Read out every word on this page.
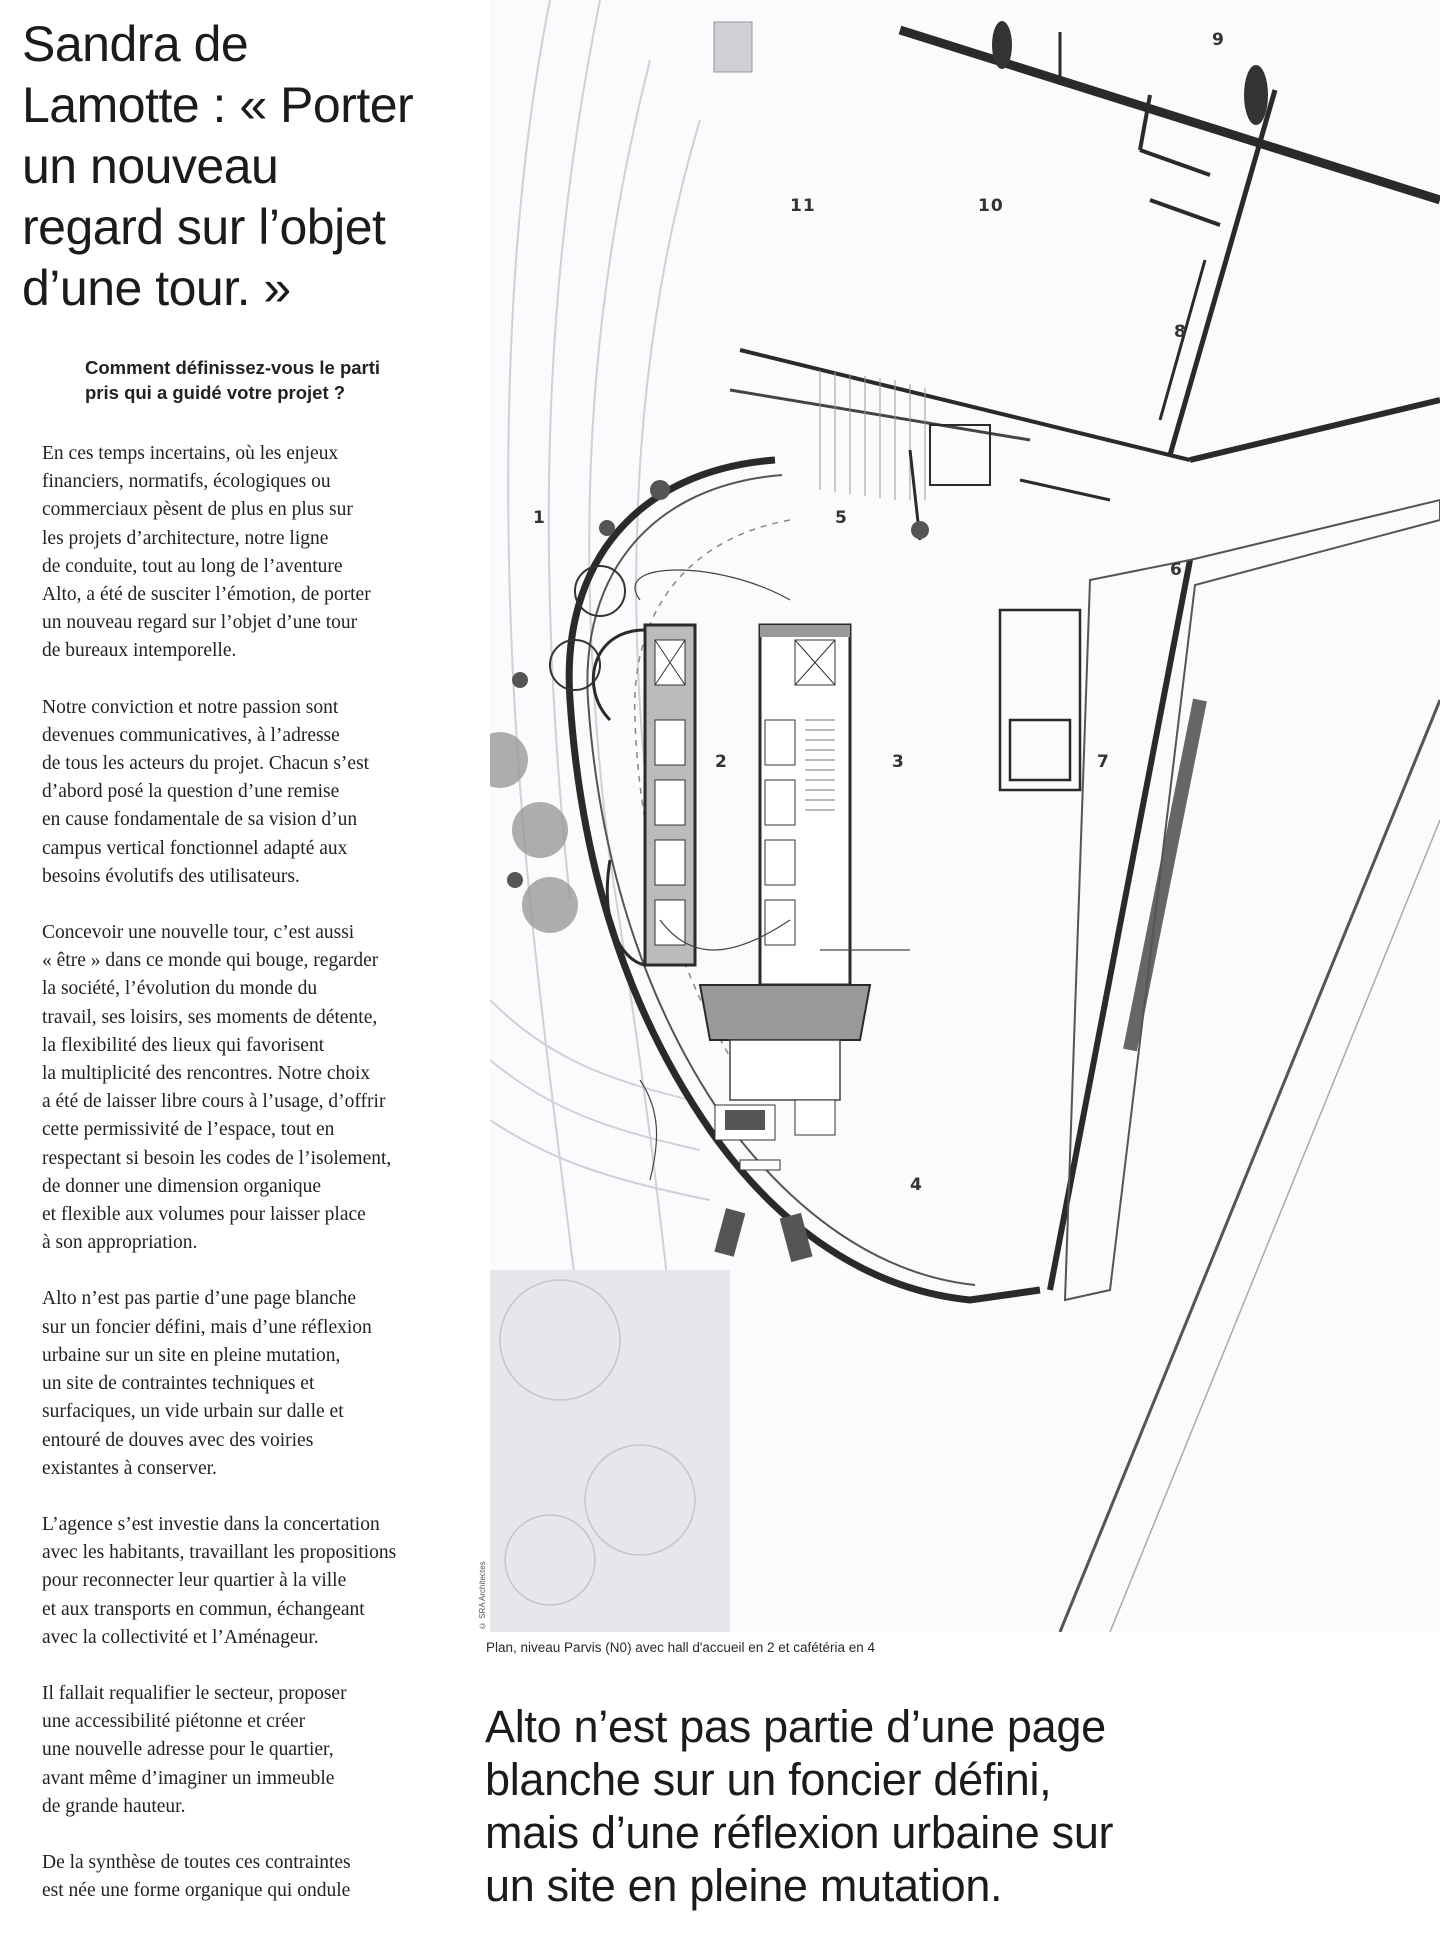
Sandra de
Lamotte : « Porter
un nouveau
regard sur l’objet
d’une tour. »
Comment définissez-vous le parti
pris qui a guidé votre projet ?

En ces temps incertains, où les enjeux
financiers, normatifs, écologiques ou
commerciaux pèsent de plus en plus sur
les projets d’architecture, notre ligne
de conduite, tout au long de l’aventure
Alto, a été de susciter l’émotion, de porter
un nouveau regard sur l’objet d’une tour
de bureaux intemporelle.

Notre conviction et notre passion sont
devenues communicatives, à l’adresse
de tous les acteurs du projet. Chacun s’est
d’abord posé la question d’une remise
en cause fondamentale de sa vision d’un
campus vertical fonctionnel adapté aux
besoins évolutifs des utilisateurs.

Concevoir une nouvelle tour, c’est aussi
« être » dans ce monde qui bouge, regarder
la société, l’évolution du monde du
travail, ses loisirs, ses moments de détente,
la flexibilité des lieux qui favorisent
la multiplicité des rencontres. Notre choix
a été de laisser libre cours à l’usage, d’offrir
cette permissivité de l’espace, tout en
respectant si besoin les codes de l’isolement,
de donner une dimension organique
et flexible aux volumes pour laisser place
à son appropriation.

Alto n’est pas partie d’une page blanche
sur un foncier défini, mais d’une réflexion
urbaine sur un site en pleine mutation,
un site de contraintes techniques et
surfaciques, un vide urbain sur dalle et
entouré de douves avec des voiries
existantes à conserver.

L’agence s’est investie dans la concertation
avec les habitants, travaillant les propositions
pour reconnecter leur quartier à la ville
et aux transports en commun, échangeant
avec la collectivité et l’Aménageur.

Il fallait requalifier le secteur, proposer
une accessibilité piétonne et créer
une nouvelle adresse pour le quartier,
avant même d’imaginer un immeuble
de grande hauteur.

De la synthèse de toutes ces contraintes
est née une forme organique qui ondule

1
2	3
4
5
6
7
8
9
10
11
© SRA Architectes
Plan, niveau Parvis (N0) avec hall d'accueil en 2 et cafétéria en 4
Alto n’est pas partie d’une page
blanche sur un foncier défini,
mais d’une réflexion urbaine sur
un site en pleine mutation.
